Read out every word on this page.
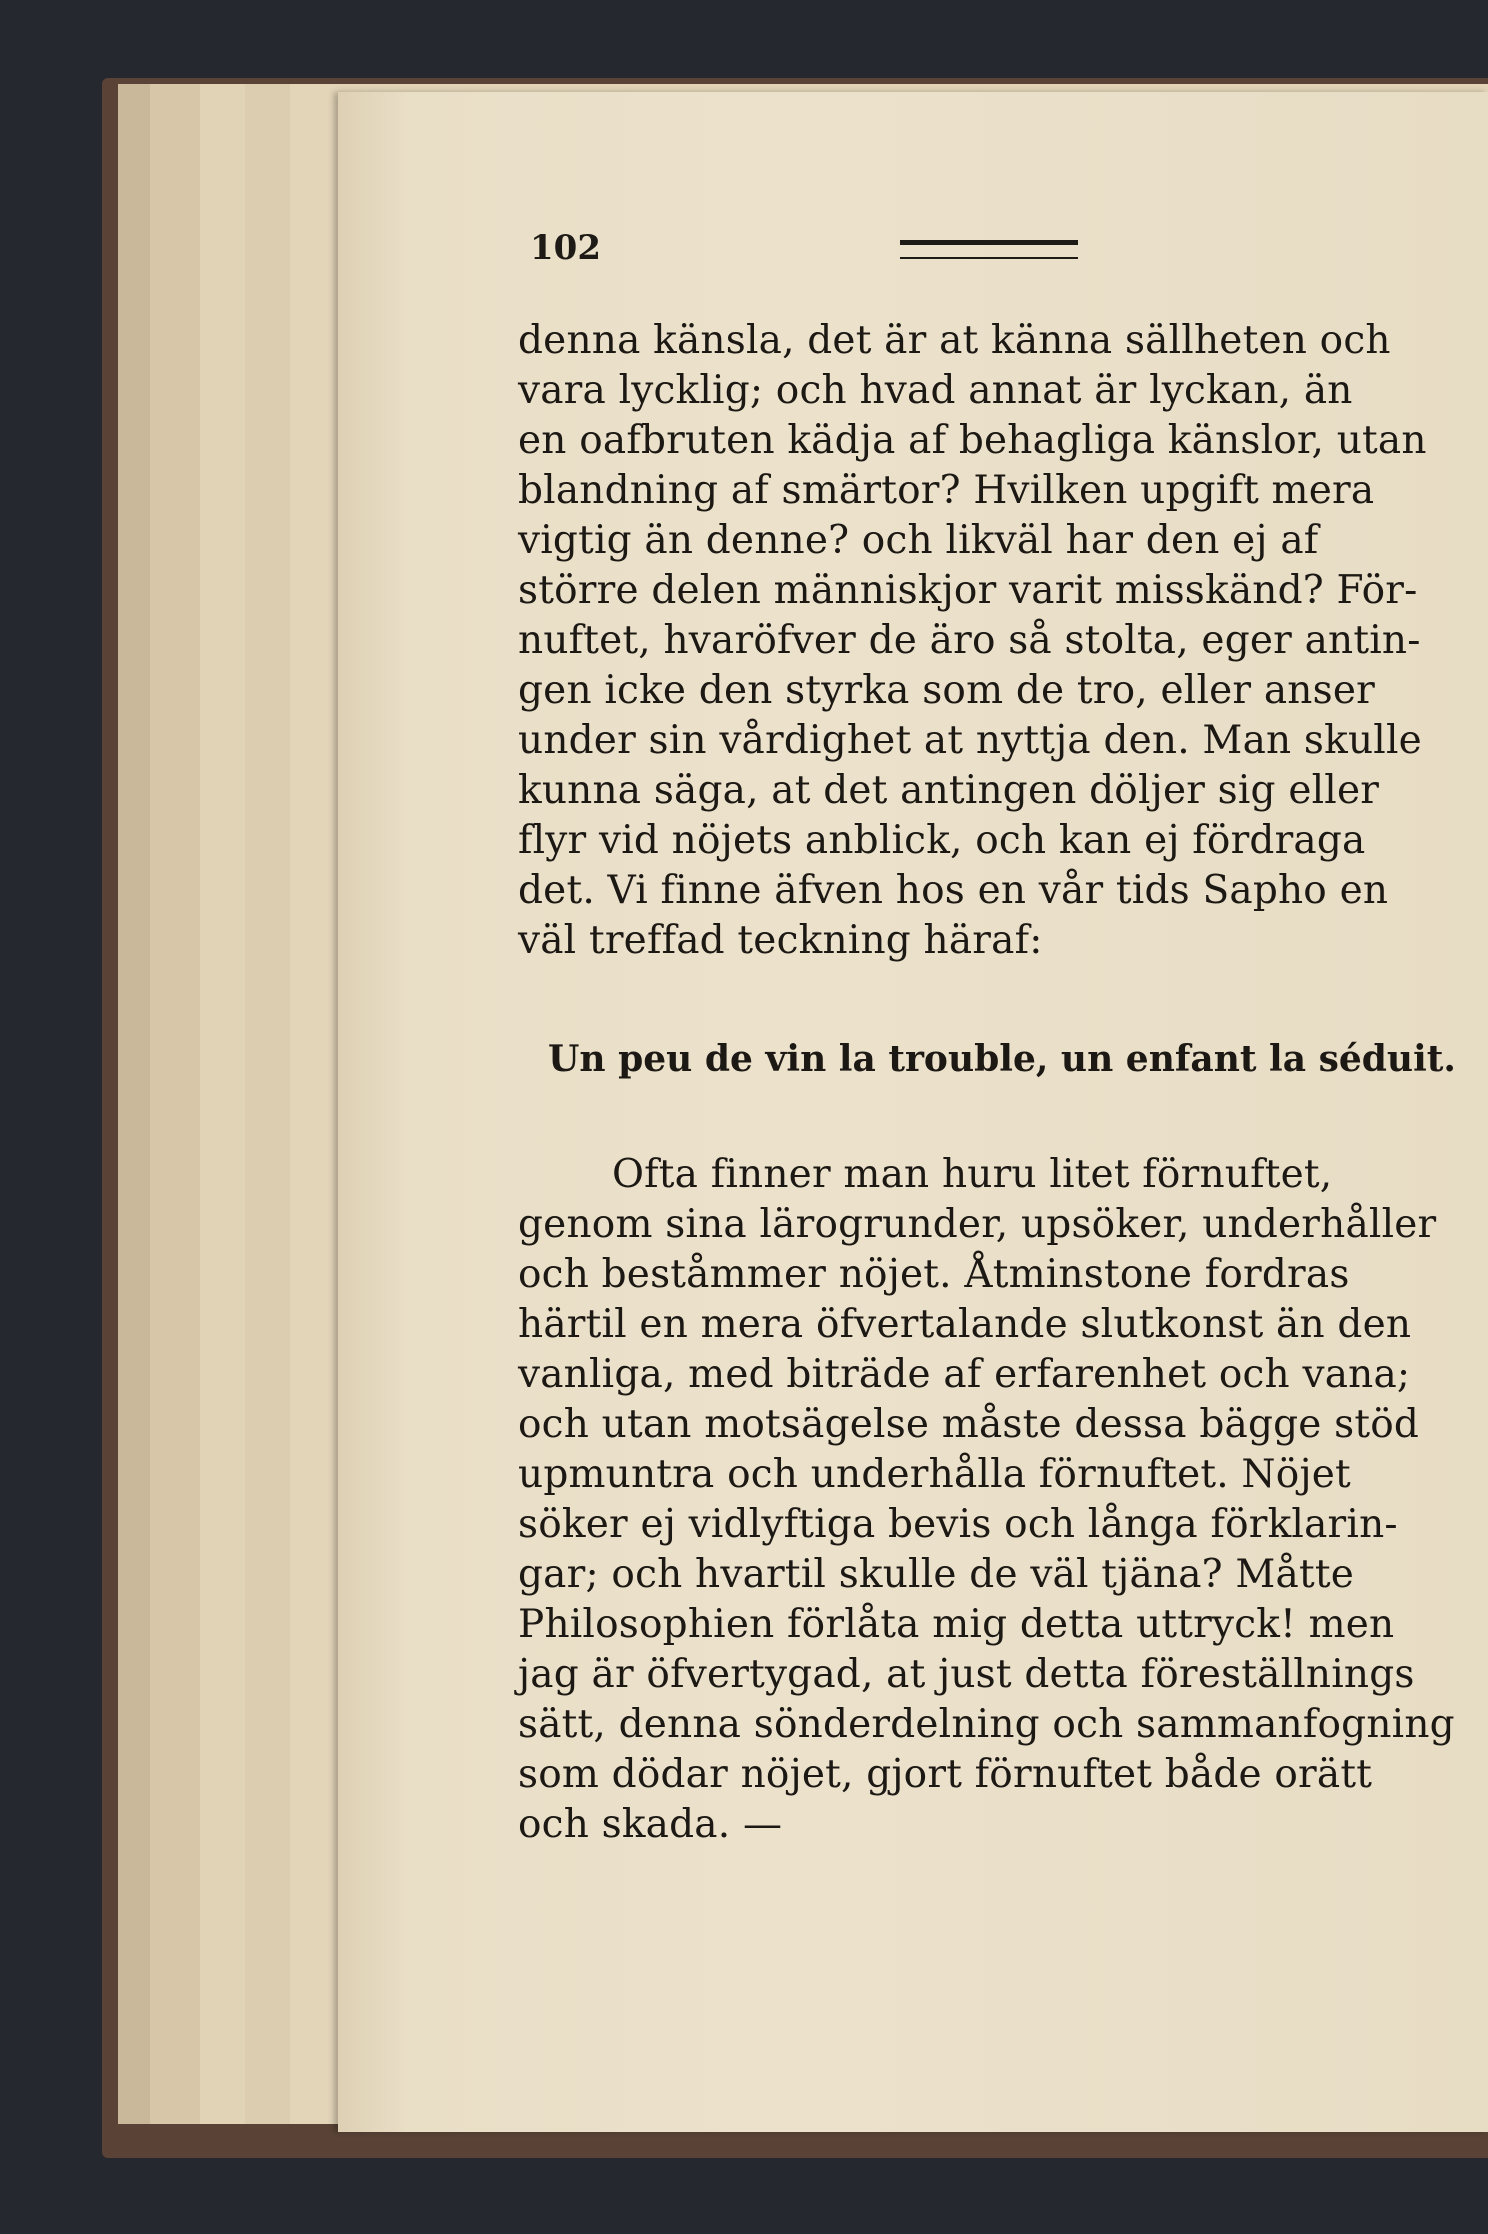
102
denna känsla, det är at känna sällheten och
vara lycklig; och hvad annat är lyckan, än
en oafbruten kädja af behagliga känslor, utan
blandning af smärtor? Hvilken upgift mera
vigtig än denne? och likväl har den ej af
större delen människjor varit misskänd? För-
nuftet, hvaröfver de äro så stolta, eger antin-
gen icke den styrka som de tro, eller anser
under sin vårdighet at nyttja den. Man skulle
kunna säga, at det antingen döljer sig eller
flyr vid nöjets anblick, och kan ej fördraga
det. Vi finne äfven hos en vår tids Sapho en
väl treffad teckning häraf:
Un peu de vin la trouble, un enfant la séduit.
Ofta finner man huru litet förnuftet,
genom sina lärogrunder, upsöker, underhåller
och beståmmer nöjet. Åtminstone fordras
härtil en mera öfvertalande slutkonst än den
vanliga, med biträde af erfarenhet och vana;
och utan motsägelse måste dessa bägge stöd
upmuntra och underhålla förnuftet. Nöjet
söker ej vidlyftiga bevis och långa förklarin-
gar; och hvartil skulle de väl tjäna? Måtte
Philosophien förlåta mig detta uttryck! men
jag är öfvertygad, at just detta föreställnings
sätt, denna sönderdelning och sammanfogning
som dödar nöjet, gjort förnuftet både orätt
och skada. —
